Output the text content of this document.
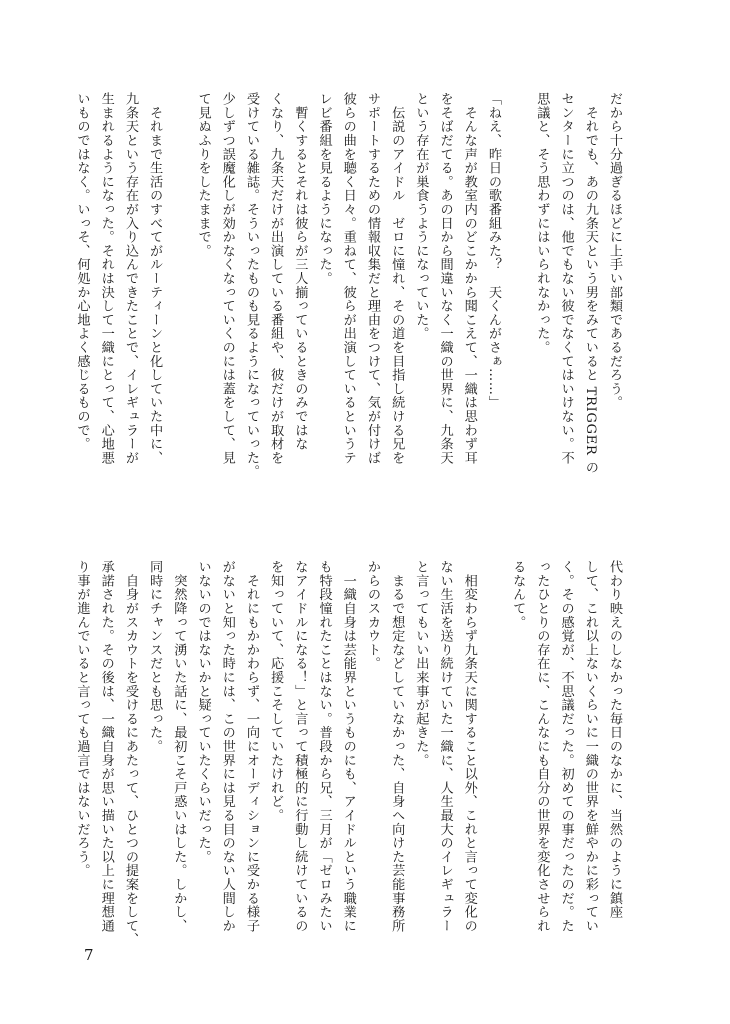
だから十分過ぎるほどに上手い部類であるだろう。
　それでも、あの九条天という男をみていると TRIGGER の
センターに立つのは、他でもない彼でなくてはいけない。不
思議と、そう思わずにはいられなかった。

「ねえ、昨日の歌番組みた？　天くんがさぁ……」
　そんな声が教室内のどこかから聞こえて、一織は思わず耳
をそばだてる。あの日から間違いなく一織の世界に、九条天
という存在が巣食うようになっていた。
　伝説のアイドル　ゼロに憧れ、その道を目指し続ける兄を
サポートするための情報収集だと理由をつけて、気が付けば
彼らの曲を聴く日々。重ねて、彼らが出演しているというテ
レビ番組を見るようになった。
　暫くするとそれは彼らが三人揃っているときのみではな
くなり、九条天だけが出演している番組や、彼だけが取材を
受けている雑誌。そういったものも見るようになっていった。
少しずつ誤魔化しが効かなくなっていくのには蓋をして、見
て見ぬふりをしたままで。

　それまで生活のすべてがルーティーンと化していた中に、
九条天という存在が入り込んできたことで、イレギュラーが
生まれるようになった。それは決して一織にとって、心地悪
いものではなく。いっそ、何処か心地よく感じるもので。
代わり映えのしなかった毎日のなかに、当然のように鎮座
して、これ以上ないくらいに一織の世界を鮮やかに彩ってい
く。その感覚が、不思議だった。初めての事だったのだ。た
ったひとりの存在に、こんなにも自分の世界を変化させられ
るなんて。

　相変わらず九条天に関すること以外、これと言って変化の
ない生活を送り続けていた一織に、人生最大のイレギュラー
と言ってもいい出来事が起きた。
　まるで想定などしていなかった、自身へ向けた芸能事務所
からのスカウト。
　一織自身は芸能界というものにも、アイドルという職業に
も特段憧れたことはない。普段から兄、三月が「ゼロみたい
なアイドルになる！」と言って積極的に行動し続けているの
を知っていて、応援こそしていたけれど。
　それにもかかわらず、一向にオーディションに受かる様子
がないと知った時には、この世界には見る目のない人間しか
いないのではないかと疑っていたくらいだった。
　突然降って湧いた話に、最初こそ戸惑いはした。しかし、
同時にチャンスだとも思った。
　自身がスカウトを受けるにあたって、ひとつの提案をして、
承諾された。その後は、一織自身が思い描いた以上に理想通
り事が進んでいると言っても過言ではないだろう。
7
